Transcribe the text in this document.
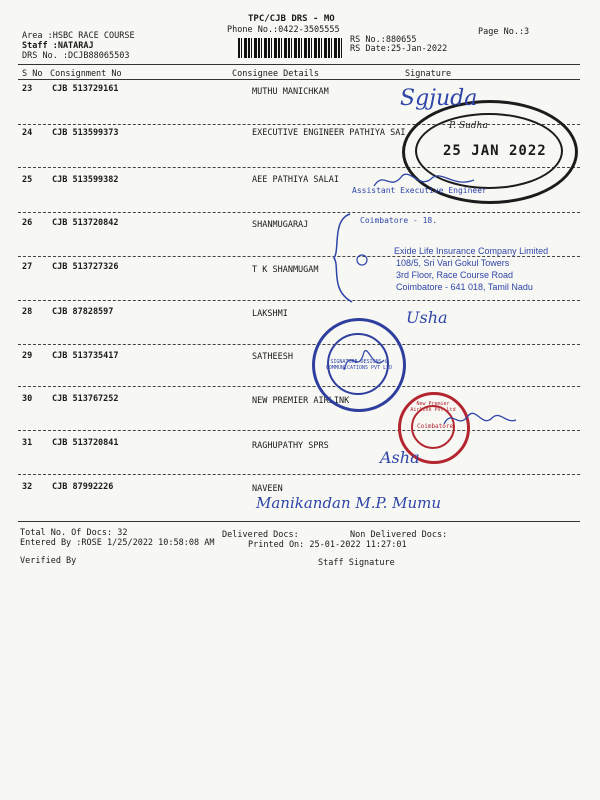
TPC/CJB DRS - MO
Phone No.:0422-3505555	Page No.:3
Area :HSBC RACE COURSE
Staff :NATARAJ
DRS No. :DCJB88065503
RS No.:880655
RS Date:25-Jan-2022
S No Consignment No	Consignee Details	Signature
23 CJB 513729161	MUTHU MANICHKAM
24 CJB 513599373	EXECUTIVE ENGINEER PATHIYA SAI
25 CJB 513599382	AEE PATHIYA SALAI
26 CJB 513720842	SHANMUGARAJ
27 CJB 513727326	T K SHANMUGAM
28 CJB 87828597	LAKSHMI
29 CJB 513735417	SATHEESH
30 CJB 513767252	NEW PREMIER AIRLINK
31 CJB 513720841	RAGHUPATHY SPRS
32 CJB 87992226	NAVEEN
Total No. Of Docs: 32	Delivered Docs:	Non Delivered Docs:
Entered By :ROSE 1/25/2022 10:58:08 AM	Printed On: 25-01-2022 11:27:01
Verified By	Staff Signature
P. Sudha
25 JAN 2022
Assistant Executive Engineer
Coimbatore - 18.
Exide Life Insurance Company Limited
108/5, Sri Vari Gokul Towers
3rd Floor, Race Course Road
Coimbatore - 641 018, Tamil Nadu
SIGNATURE DESIGNS & COMMUNICATIONS PVT LTD
New Premier Airlink Pvt Ltd
Coimbatore
Sgjuda
Usha
Asha
Manikandan M.P. Mumu
